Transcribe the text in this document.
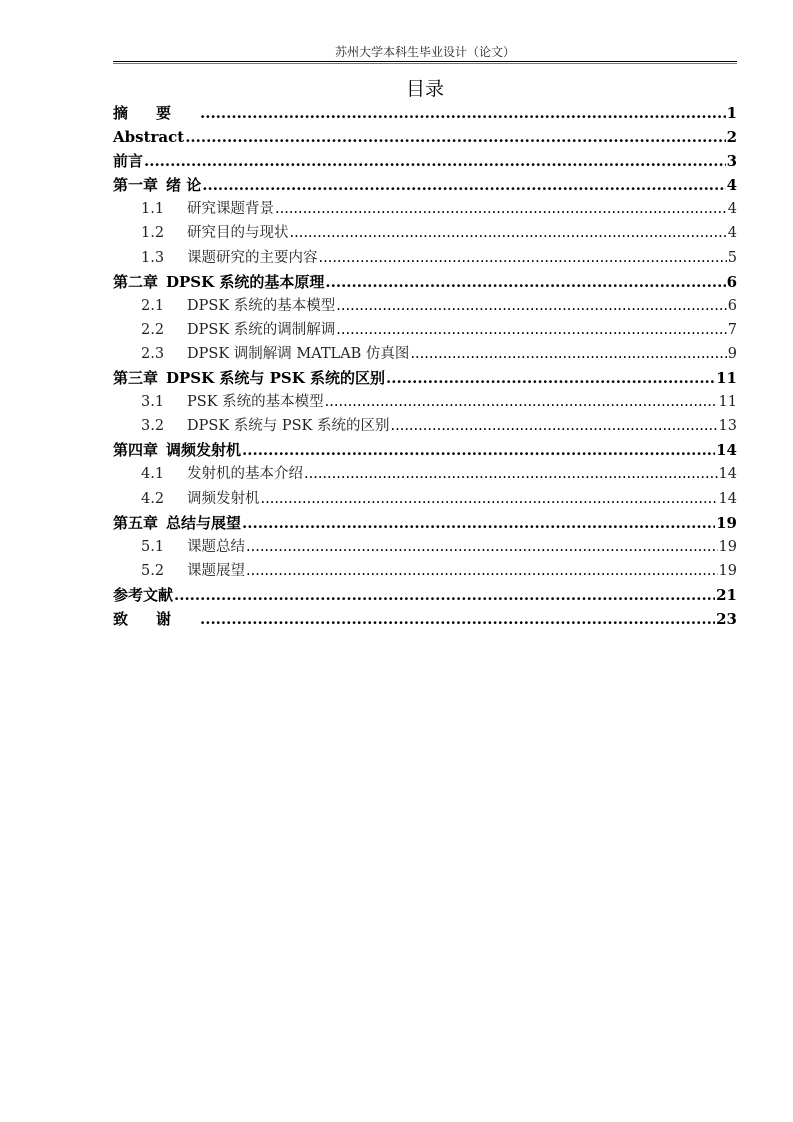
苏州大学本科生毕业设计（论文）
目录
摘要 .....	1
Abstract .....	2
前言 .....	3
第一章 绪 论 .....	4
1.1	研究课题背景 .....	4
1.2	研究目的与现状 .....	4
1.3	课题研究的主要内容 .....	5
第二章 DPSK 系统的基本原理 .....	6
2.1	DPSK 系统的基本模型 .....	6
2.2	DPSK 系统的调制解调 .....	7
2.3	DPSK 调制解调 MATLAB 仿真图 .....	9
第三章 DPSK 系统与 PSK 系统的区别 .....	11
3.1	PSK 系统的基本模型 .....	11
3.2	DPSK 系统与 PSK 系统的区别 .....	13
第四章 调频发射机 .....	14
4.1	发射机的基本介绍 .....	14
4.2	调频发射机 .....	14
第五章 总结与展望 .....	19
5.1	课题总结 .....	19
5.2	课题展望 .....	19
参考文献 .....	21
致谢 .....	23
